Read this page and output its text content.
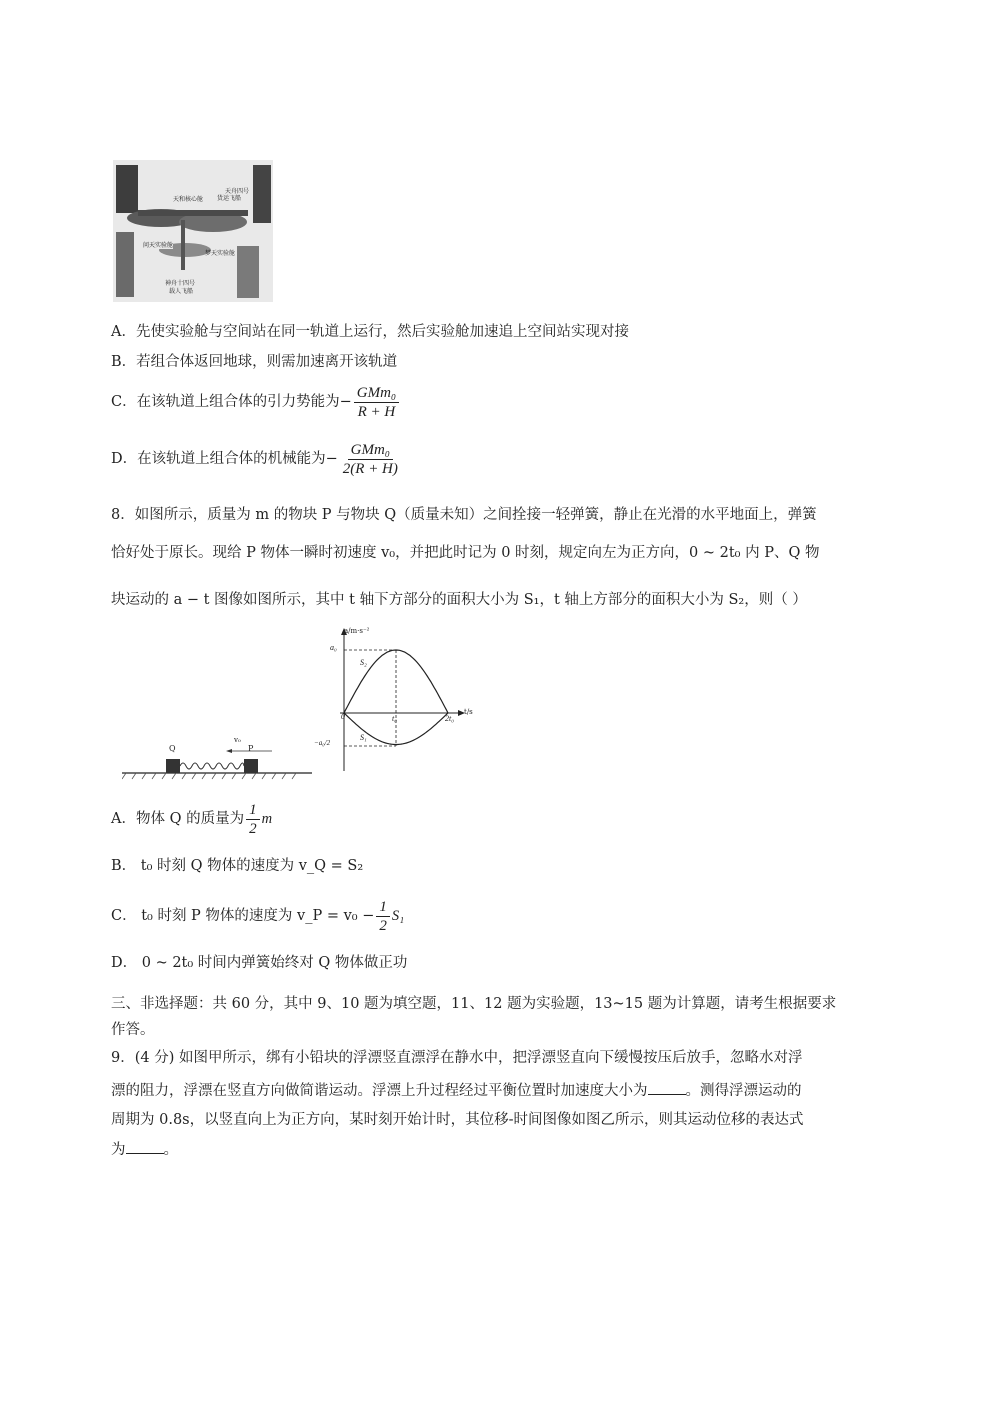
天舟四号
货运飞船
天和核心舱
问天实验舱
梦天实验舱
神舟十四号
载人飞船
A．先使实验舱与空间站在同一轨道上运行，然后实验舱加速追上空间站实现对接
B．若组合体返回地球，则需加速离开该轨道
C．在该轨道上组合体的引力势能为 − $\frac{\text{GMm₀}}{R + H}$
D．在该轨道上组合体的机械能为 − $\frac{\text{GMm₀}}{2(R + H)}$
8．如图所示，质量为 m 的物块 P 与物块 Q（质量未知）之间拴接一轻弹簧，静止在光滑的水平地面上，弹簧
恰好处于原长。现给 P 物体一瞬时初速度 v₀，并把此时记为 0 时刻，规定向左为正方向，0 ~ 2t₀ 内 P、Q 物
块运动的 a − t 图像如图所示，其中 t 轴下方部分的面积大小为 S₁，t 轴上方部分的面积大小为 S₂，则（ ）
Q	P
v₀
a/m·s⁻²
t/s
a₀
0	t₀	2t₀
−a₀/2
S₂
S₁
A．物体 Q 的质量为 $\frac{1}{2}$ m
B． t₀ 时刻 Q 物体的速度为 v_Q = S₂
C． t₀ 时刻 P 物体的速度为 v_P = $v_0 - \frac{1}{2} S_1$
D． 0 ~ 2t₀ 时间内弹簧始终对 Q 物体做正功
三、非选择题：共 60 分，其中 9、10 题为填空题，11、12 题为实验题，13~15 题为计算题，请考生根据要求
作答。
9．(4 分) 如图甲所示，绑有小铅块的浮漂竖直漂浮在静水中，把浮漂竖直向下缓慢按压后放手，忽略水对浮
漂的阻力，浮漂在竖直方向做简谐运动。浮漂上升过程经过平衡位置时加速度大小为	。测得浮漂运动的
周期为 0.8s，以竖直向上为正方向，某时刻开始计时，其位移-时间图像如图乙所示，则其运动位移的表达式
为	。
